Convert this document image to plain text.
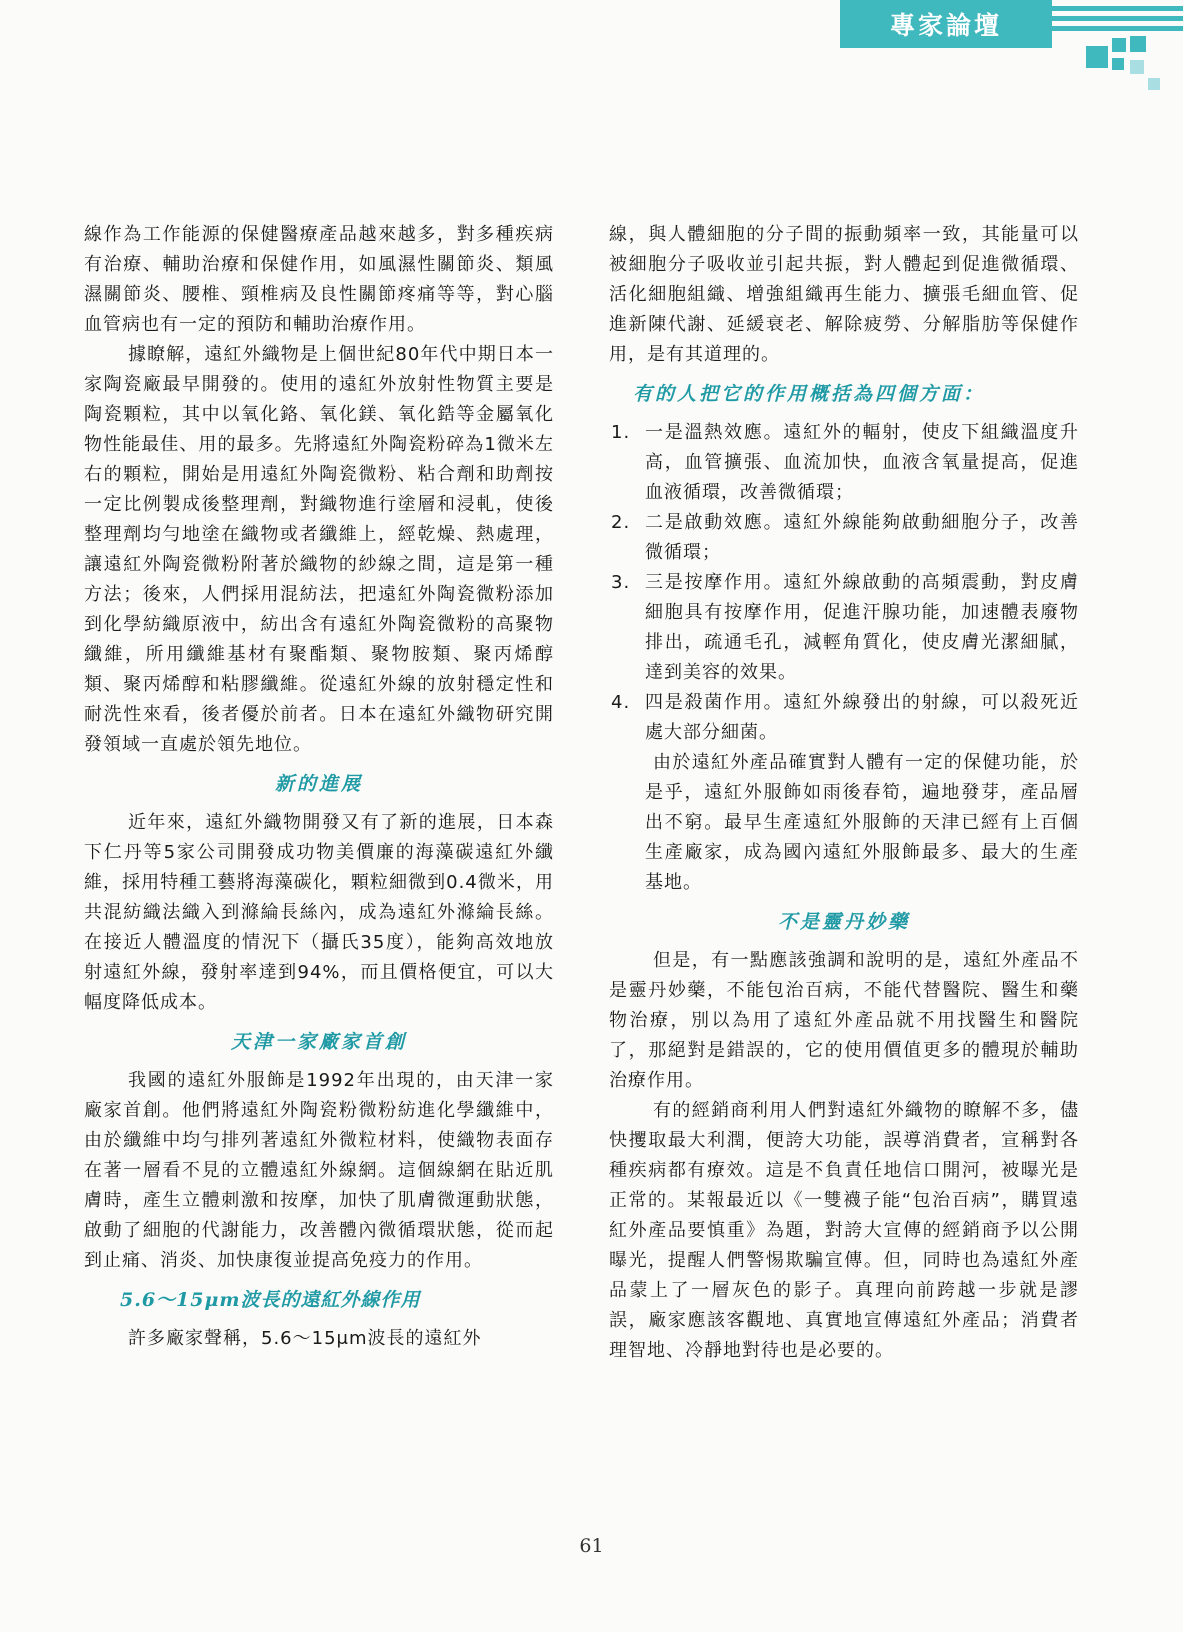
專家論壇

線作為工作能源的保健醫療產品越來越多，對多種疾病有治療、輔助治療和保健作用，如風濕性關節炎、類風濕關節炎、腰椎、頸椎病及良性關節疼痛等等，對心腦血管病也有一定的預防和輔助治療作用。

據瞭解，遠紅外織物是上個世紀80年代中期日本一家陶瓷廠最早開發的。使用的遠紅外放射性物質主要是陶瓷顆粒，其中以氧化鉻、氧化鎂、氧化鋯等金屬氧化物性能最佳、用的最多。先將遠紅外陶瓷粉碎為1微米左右的顆粒，開始是用遠紅外陶瓷微粉、粘合劑和助劑按一定比例製成後整理劑，對織物進行塗層和浸軋，使後整理劑均勻地塗在織物或者纖維上，經乾燥、熱處理，讓遠紅外陶瓷微粉附著於織物的紗線之間，這是第一種方法；後來，人們採用混紡法，把遠紅外陶瓷微粉添加到化學紡織原液中，紡出含有遠紅外陶瓷微粉的高聚物纖維，所用纖維基材有聚酯類、聚物胺類、聚丙烯醇類、聚丙烯醇和粘膠纖維。從遠紅外線的放射穩定性和耐洗性來看，後者優於前者。日本在遠紅外織物研究開發領域一直處於領先地位。

新的進展

近年來，遠紅外織物開發又有了新的進展，日本森下仁丹等5家公司開發成功物美價廉的海藻碳遠紅外纖維，採用特種工藝將海藻碳化，顆粒細微到0.4微米，用共混紡織法織入到滌綸長絲內，成為遠紅外滌綸長絲。在接近人體溫度的情況下（攝氏35度），能夠高效地放射遠紅外線，發射率達到94%，而且價格便宜，可以大幅度降低成本。

天津一家廠家首創

我國的遠紅外服飾是1992年出現的，由天津一家廠家首創。他們將遠紅外陶瓷粉微粉紡進化學纖維中，由於纖維中均勻排列著遠紅外微粒材料，使織物表面存在著一層看不見的立體遠紅外線網。這個線網在貼近肌膚時，產生立體刺激和按摩，加快了肌膚微運動狀態，啟動了細胞的代謝能力，改善體內微循環狀態，從而起到止痛、消炎、加快康復並提高免疫力的作用。

5.6～15μm波長的遠紅外線作用

許多廠家聲稱，5.6～15μm波長的遠紅外

線，與人體細胞的分子間的振動頻率一致，其能量可以被細胞分子吸收並引起共振，對人體起到促進微循環、活化細胞組織、增強組織再生能力、擴張毛細血管、促進新陳代謝、延緩衰老、解除疲勞、分解脂肪等保健作用，是有其道理的。

有的人把它的作用概括為四個方面：
1. 一是溫熱效應。遠紅外的輻射，使皮下組織溫度升高，血管擴張、血流加快，血液含氧量提高，促進血液循環，改善微循環；
2. 二是啟動效應。遠紅外線能夠啟動細胞分子，改善微循環；
3. 三是按摩作用。遠紅外線啟動的高頻震動，對皮膚細胞具有按摩作用，促進汗腺功能，加速體表廢物排出，疏通毛孔，減輕角質化，使皮膚光潔細膩，達到美容的效果。
4. 四是殺菌作用。遠紅外線發出的射線，可以殺死近處大部分細菌。

由於遠紅外產品確實對人體有一定的保健功能，於是乎，遠紅外服飾如雨後春筍，遍地發芽，產品層出不窮。最早生產遠紅外服飾的天津已經有上百個生產廠家，成為國內遠紅外服飾最多、最大的生產基地。

不是靈丹妙藥

但是，有一點應該強調和說明的是，遠紅外產品不是靈丹妙藥，不能包治百病，不能代替醫院、醫生和藥物治療，別以為用了遠紅外產品就不用找醫生和醫院了，那絕對是錯誤的，它的使用價值更多的體現於輔助治療作用。

有的經銷商利用人們對遠紅外織物的瞭解不多，儘快攫取最大利潤，便誇大功能，誤導消費者，宣稱對各種疾病都有療效。這是不負責任地信口開河，被曝光是正常的。某報最近以《一雙襪子能“包治百病”，購買遠紅外產品要慎重》為題，對誇大宣傳的經銷商予以公開曝光，提醒人們警惕欺騙宣傳。但，同時也為遠紅外產品蒙上了一層灰色的影子。真理向前跨越一步就是謬誤，廠家應該客觀地、真實地宣傳遠紅外產品；消費者理智地、冷靜地對待也是必要的。

61
